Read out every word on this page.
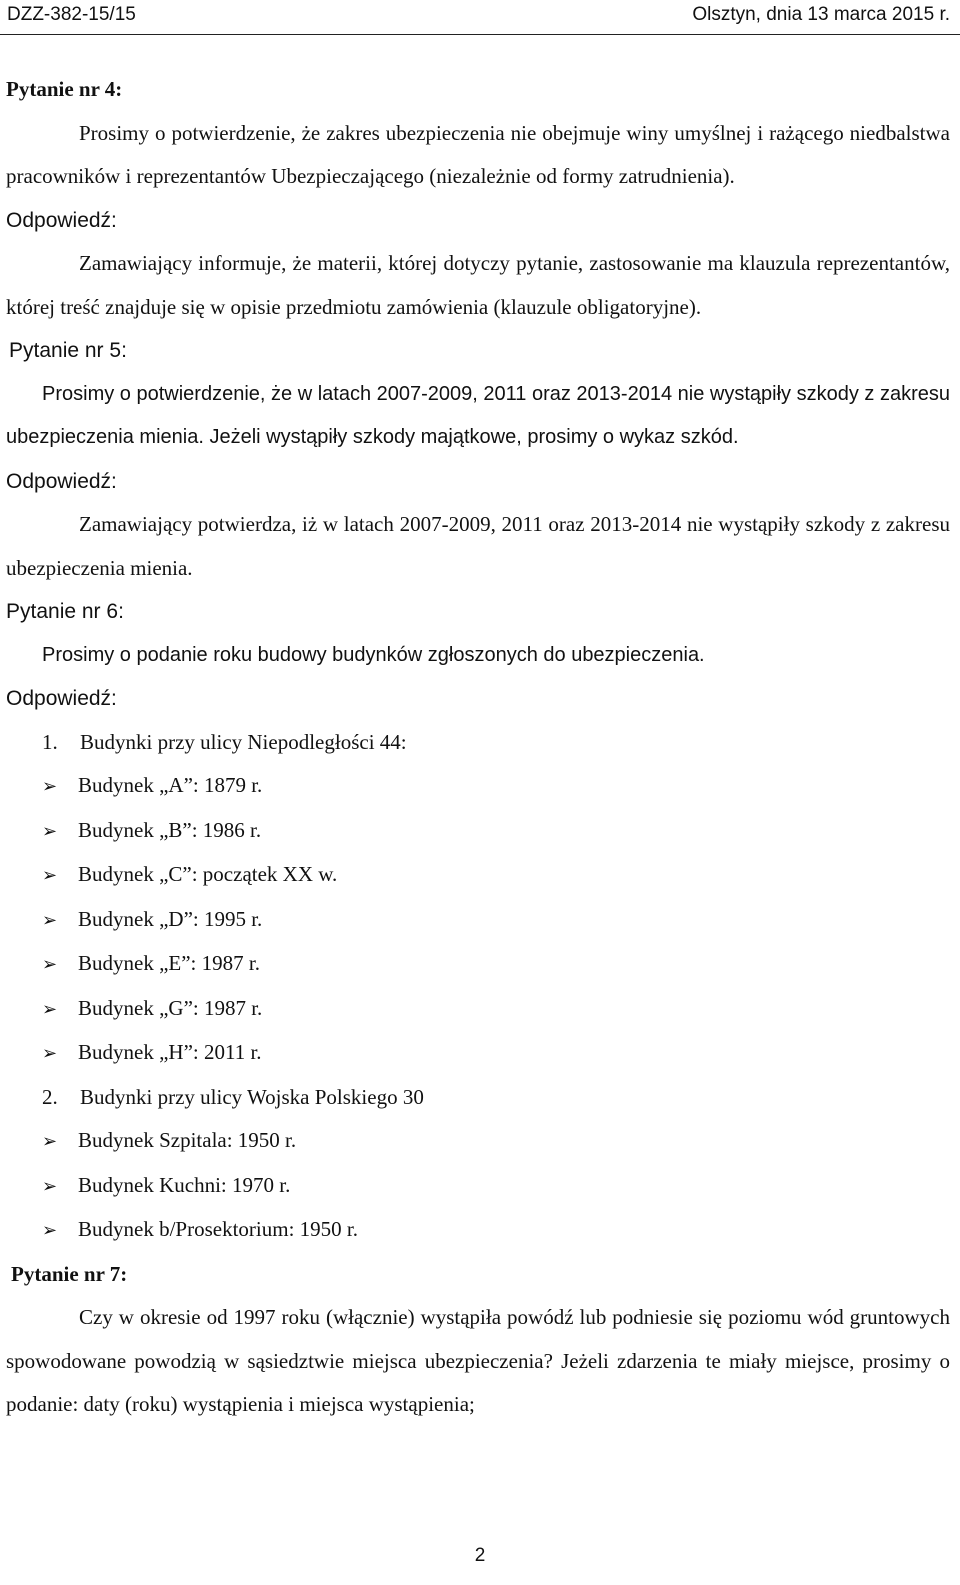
DZZ-382-15/15	Olsztyn, dnia 13 marca 2015 r.
Pytanie nr 4:
Prosimy o potwierdzenie, że zakres ubezpieczenia nie obejmuje winy umyślnej i rażącego niedbalstwa pracowników i reprezentantów Ubezpieczającego (niezależnie od formy zatrudnienia).
Odpowiedź:
Zamawiający informuje, że materii, której dotyczy pytanie, zastosowanie ma klauzula reprezentantów, której treść znajduje się w opisie przedmiotu zamówienia (klauzule obligatoryjne).
Pytanie nr 5:
Prosimy o potwierdzenie, że w latach 2007-2009, 2011 oraz 2013-2014 nie wystąpiły szkody z zakresu ubezpieczenia mienia. Jeżeli wystąpiły szkody majątkowe, prosimy o wykaz szkód.
Odpowiedź:
Zamawiający potwierdza, iż w latach 2007-2009, 2011 oraz 2013-2014 nie wystąpiły szkody z zakresu ubezpieczenia mienia.
Pytanie nr 6:
Prosimy o podanie roku budowy budynków zgłoszonych do ubezpieczenia.
Odpowiedź:
1. Budynki przy ulicy Niepodległości 44:
➢ Budynek „A”: 1879 r.
➢ Budynek „B”: 1986 r.
➢ Budynek „C”: początek XX w.
➢ Budynek „D”: 1995 r.
➢ Budynek „E”: 1987 r.
➢ Budynek „G”: 1987 r.
➢ Budynek „H”: 2011 r.
2. Budynki przy ulicy Wojska Polskiego 30
➢ Budynek Szpitala: 1950 r.
➢ Budynek Kuchni: 1970 r.
➢ Budynek b/Prosektorium: 1950 r.
Pytanie nr 7:
Czy w okresie od 1997 roku (włącznie) wystąpiła powódź lub podniesie się poziomu wód gruntowych spowodowane powodzią w sąsiedztwie miejsca ubezpieczenia? Jeżeli zdarzenia te miały miejsce, prosimy o podanie: daty (roku) wystąpienia i miejsca wystąpienia;
2
